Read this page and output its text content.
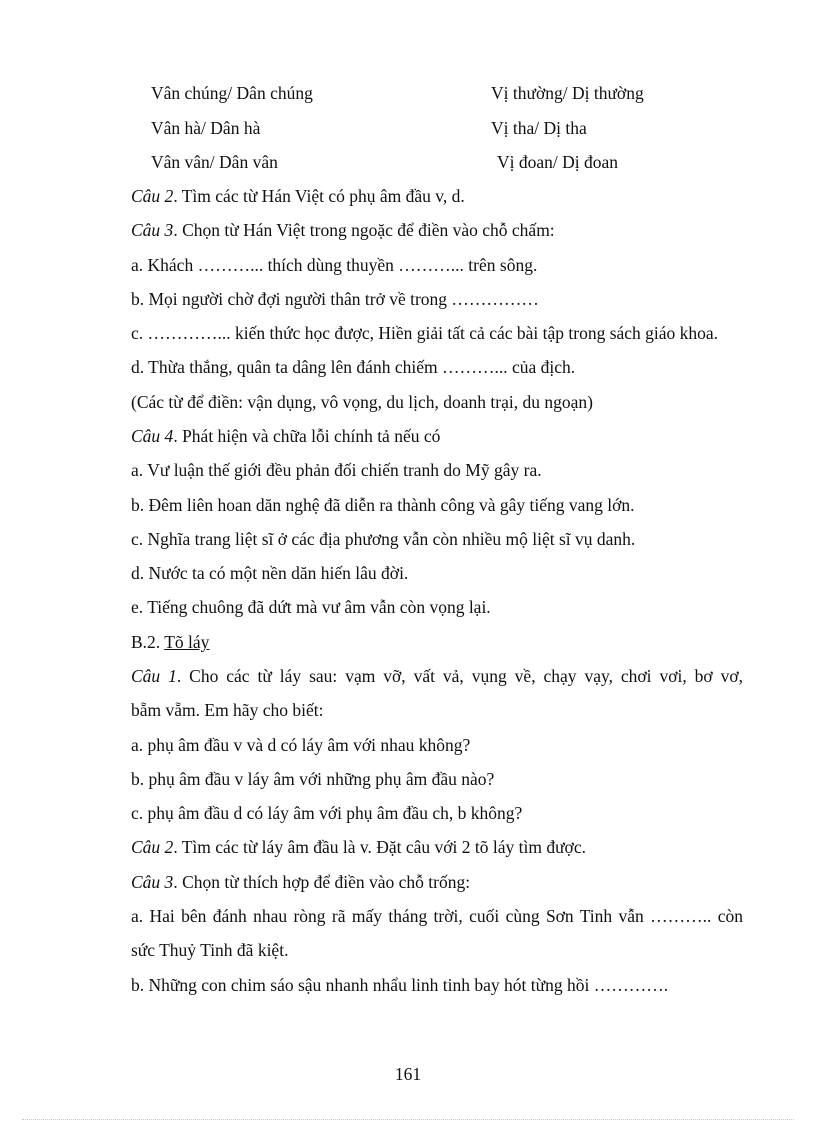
Vân chúng/ Dân chúng	Vị thường/ Dị thường
Vân hà/ Dân hà	Vị tha/ Dị tha
Vân vân/ Dân vân	Vị đoan/ Dị đoan
Câu 2. Tìm các từ Hán Việt có phụ âm đầu v, d.
Câu 3. Chọn từ Hán Việt trong ngoặc để điền vào chỗ chấm:
a. Khách ………... thích dùng thuyền ………... trên sông.
b. Mọi người chờ đợi người thân trở về trong ……………
c. …………... kiến thức học được, Hiền giải tất cả các bài tập trong sách giáo khoa.
d. Thừa thắng, quân ta dâng lên đánh chiếm ………... của địch.
(Các từ để điền: vận dụng, vô vọng, du lịch, doanh trại, du ngoạn)
Câu 4. Phát hiện và chữa lỗi chính tả nếu có
a. Vư luận thế giới đều phản đối chiến tranh do Mỹ gây ra.
b. Đêm liên hoan dăn nghệ đã diễn ra thành công và gây tiếng vang lớn.
c. Nghĩa trang liệt sĩ ở các địa phương vẫn còn nhiều mộ liệt sĩ vụ danh.
d. Nước ta có một nền dăn hiến lâu đời.
e. Tiếng chuông đã dứt mà vư âm vẫn còn vọng lại.
B.2. Tõ láy
Câu 1. Cho các từ láy sau: vạm vỡ, vất vả, vụng về, chạy vạy, chơi vơi, bơ vơ,
bẵm vẵm. Em hãy cho biết:
a. phụ âm đầu v và d có láy âm với nhau không?
b. phụ âm đầu v láy âm với những phụ âm đầu nào?
c. phụ âm đầu d có láy âm với phụ âm đầu ch, b không?
Câu 2. Tìm các từ láy âm đầu là v. Đặt câu với 2 tõ láy tìm được.
Câu 3. Chọn từ thích hợp để điền vào chỗ trống:
a. Hai bên đánh nhau ròng rã mấy tháng trời, cuối cùng Sơn Tinh vẫn ……….. còn
sức Thuỷ Tinh đã kiệt.
b. Những con chim sáo sậu nhanh nhẩu linh tinh bay hót từng hồi ………….
161
